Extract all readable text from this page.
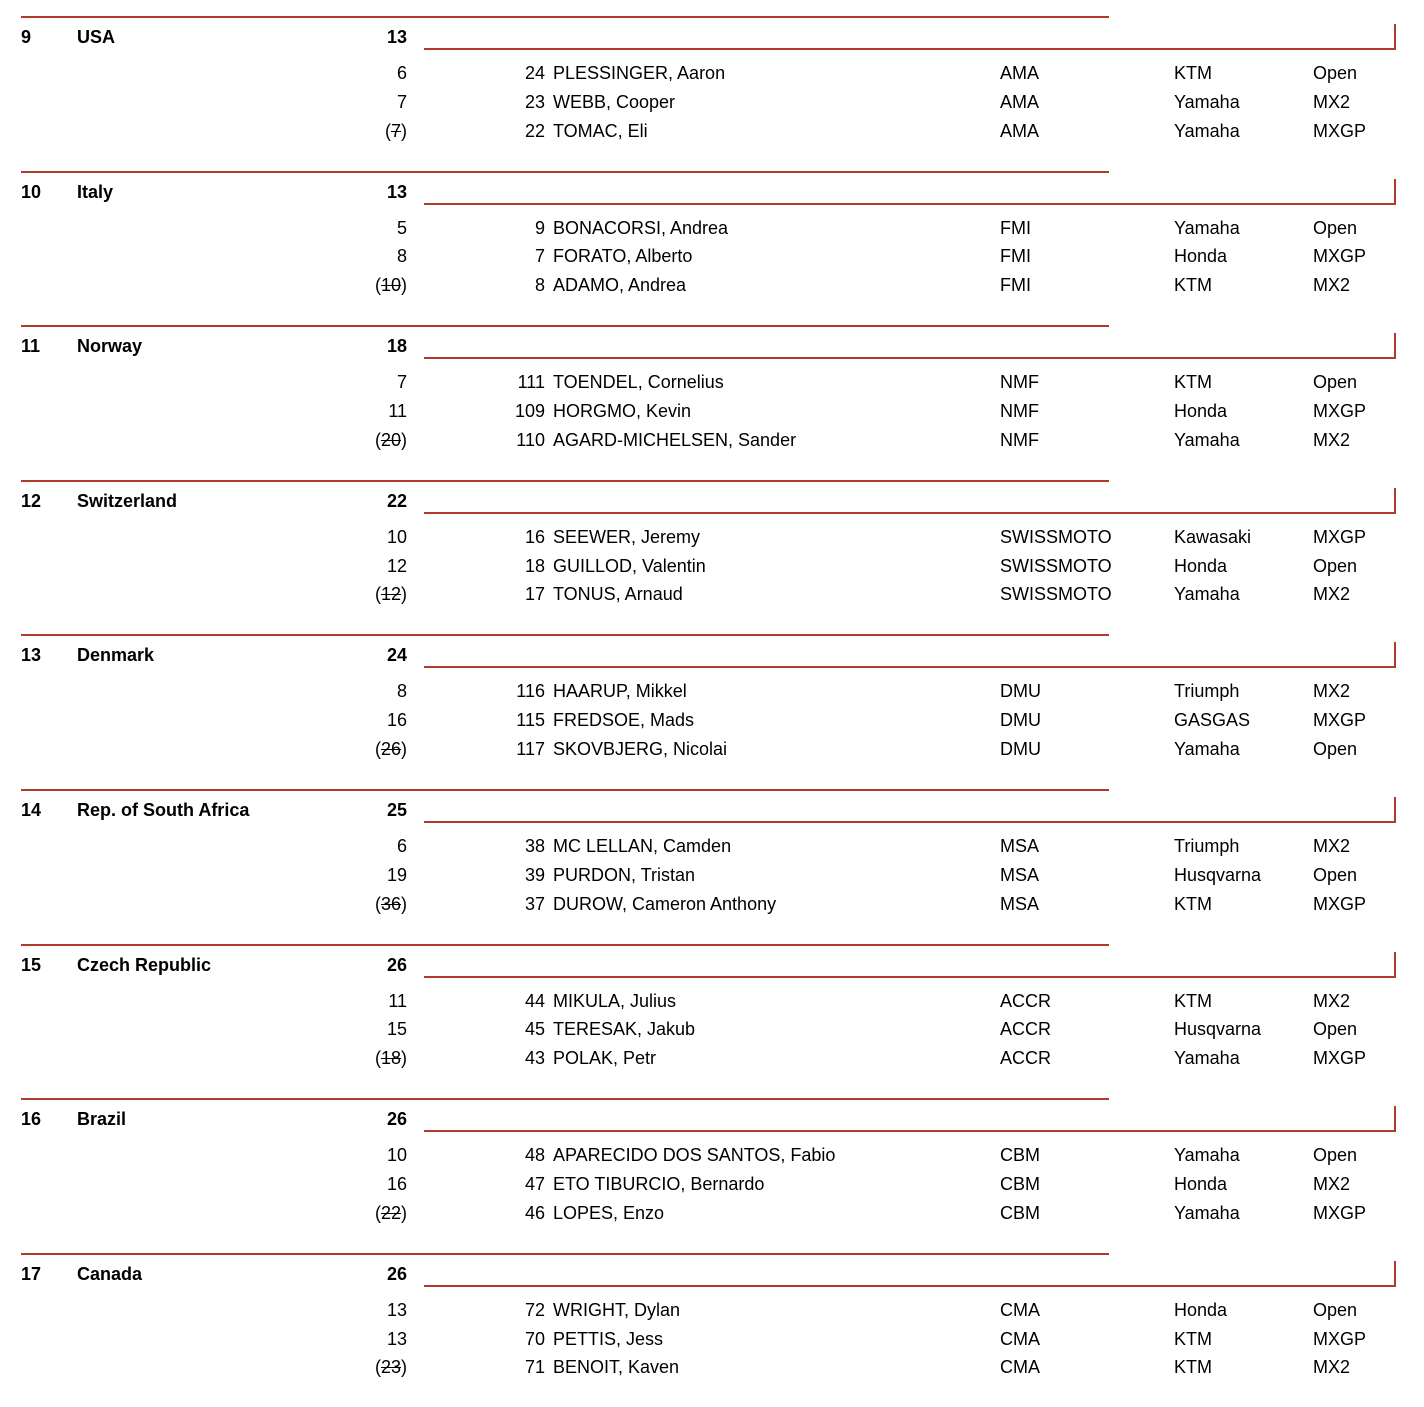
9	USA	13
6	24 PLESSINGER, Aaron	AMA	KTM	Open
7	23 WEBB, Cooper	AMA	Yamaha	MX2
(7)	22 TOMAC, Eli	AMA	Yamaha	MXGP
10 Italy	13
5	9 BONACORSI, Andrea	FMI	Yamaha	Open
8	7 FORATO, Alberto	FMI	Honda	MXGP
(10)	8 ADAMO, Andrea	FMI	KTM	MX2
11 Norway	18
7	111 TOENDEL, Cornelius	NMF	KTM	Open
11	109 HORGMO, Kevin	NMF	Honda	MXGP
(20)	110 AGARD-MICHELSEN, Sander	NMF	Yamaha	MX2
12 Switzerland	22
10	16 SEEWER, Jeremy	SWISSMOTO	Kawasaki	MXGP
12	18 GUILLOD, Valentin	SWISSMOTO	Honda	Open
(12)	17 TONUS, Arnaud	SWISSMOTO	Yamaha	MX2
13 Denmark	24
8	116 HAARUP, Mikkel	DMU	Triumph	MX2
16	115 FREDSOE, Mads	DMU	GASGAS	MXGP
(26)	117 SKOVBJERG, Nicolai	DMU	Yamaha	Open
14 Rep. of South Africa	25
6	38 MC LELLAN, Camden	MSA	Triumph	MX2
19	39 PURDON, Tristan	MSA	Husqvarna	Open
(36)	37 DUROW, Cameron Anthony	MSA	KTM	MXGP
15 Czech Republic	26
11	44 MIKULA, Julius	ACCR	KTM	MX2
15	45 TERESAK, Jakub	ACCR	Husqvarna	Open
(18)	43 POLAK, Petr	ACCR	Yamaha	MXGP
16 Brazil	26
10	48 APARECIDO DOS SANTOS, Fabio	CBM	Yamaha	Open
16	47 ETO TIBURCIO, Bernardo	CBM	Honda	MX2
(22)	46 LOPES, Enzo	CBM	Yamaha	MXGP
17 Canada	26
13	72 WRIGHT, Dylan	CMA	Honda	Open
13	70 PETTIS, Jess	CMA	KTM	MXGP
(23)	71 BENOIT, Kaven	CMA	KTM	MX2
